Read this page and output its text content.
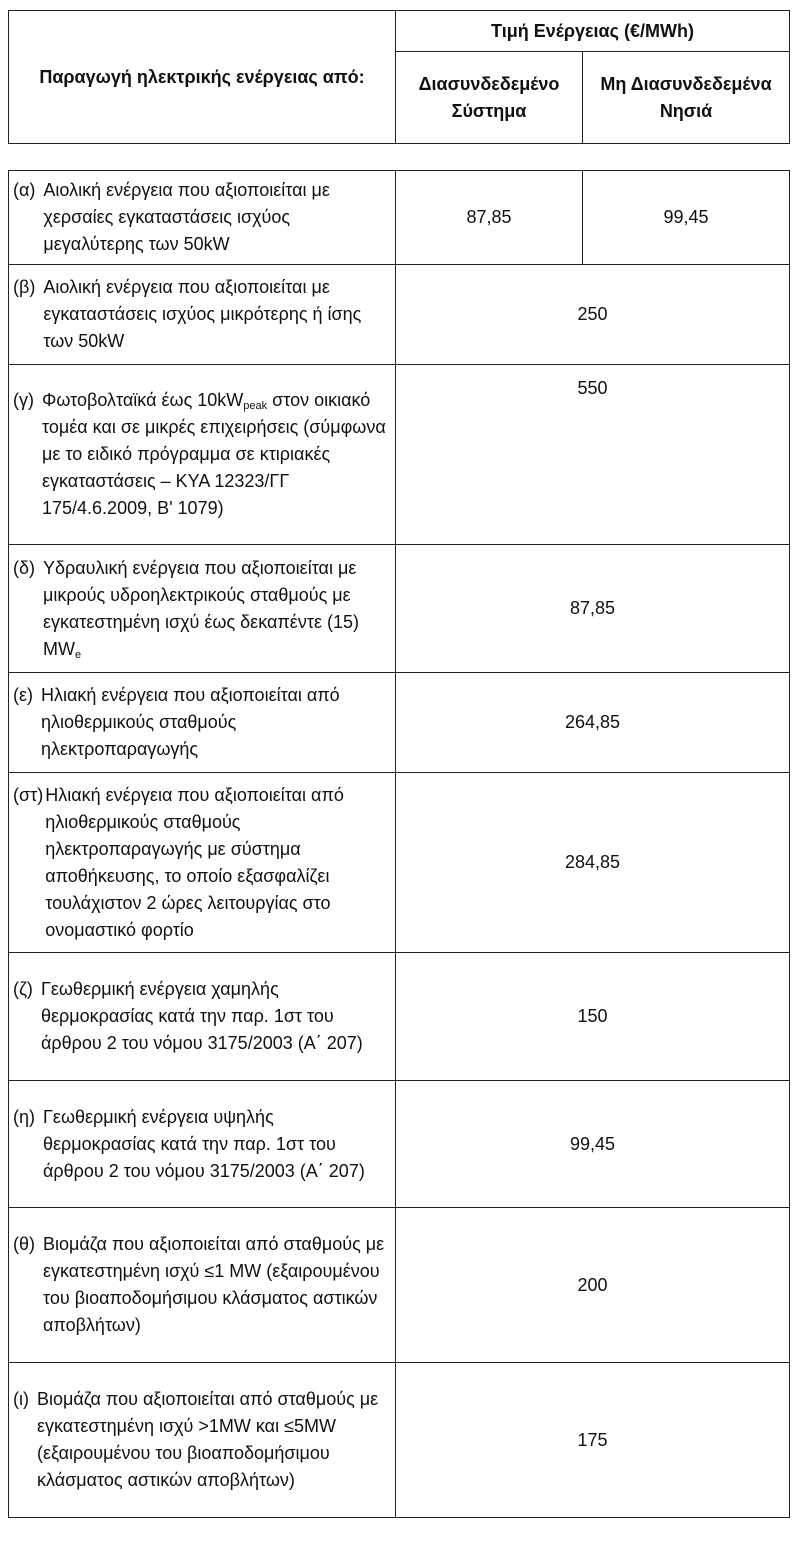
Παραγωγή ηλεκτρικής ενέργειας από:	Τιμή Ενέργειας (€/MWh)	
	Διασυνδεδεμένο Σύστημα	Μη Διασυνδεδεμένα Νησιά
(α) Αιολική ενέργεια που αξιοποιείται με χερσαίες εγκαταστάσεις ισχύος μεγαλύτερης των 50kW	87,85	99,45

(β) Αιολική ενέργεια που αξιοποιείται με εγκαταστάσεις ισχύος μικρότερης ή ίσης των 50kW	250	

(γ) Φωτοβολταϊκά έως $10kW_{peak}$ στον οικιακό τομέα και σε μικρές επιχειρήσεις (σύμφωνα με το ειδικό πρόγραμμα σε κτιριακές εγκαταστάσεις – ΚΥΑ 12323/ΓΓ 175/4.6.2009, Β' 1079)	550	

(δ) Υδραυλική ενέργεια που αξιοποιείται με μικρούς υδροηλεκτρικούς σταθμούς με εγκατεστημένη ισχύ έως δεκαπέντε (15) $MW_e$	87,85	

(ε) Ηλιακή ενέργεια που αξιοποιείται από ηλιοθερμικούς σταθμούς ηλεκτροπαραγωγής	264,85	

(στ) Ηλιακή ενέργεια που αξιοποιείται από ηλιοθερμικούς σταθμούς ηλεκτροπαραγωγής με σύστημα αποθήκευσης, το οποίο εξασφαλίζει τουλάχιστον 2 ώρες λειτουργίας στο ονομαστικό φορτίο	284,85	

(ζ) Γεωθερμική ενέργεια χαμηλής θερμοκρασίας κατά την παρ. 1στ του άρθρου 2 του νόμου 3175/2003 (Α΄ 207)	150	

(η) Γεωθερμική ενέργεια υψηλής θερμοκρασίας κατά την παρ. 1στ του άρθρου 2 του νόμου 3175/2003 (Α΄ 207)	99,45	

(θ) Βιομάζα που αξιοποιείται από σταθμούς με εγκατεστημένη ισχύ ≤1 MW (εξαιρουμένου του βιοαποδομήσιμου κλάσματος αστικών αποβλήτων)	200	

(ι) Βιομάζα που αξιοποιείται από σταθμούς με εγκατεστημένη ισχύ >1MW και ≤5MW (εξαιρουμένου του βιοαποδομήσιμου κλάσματος αστικών αποβλήτων)	175	
